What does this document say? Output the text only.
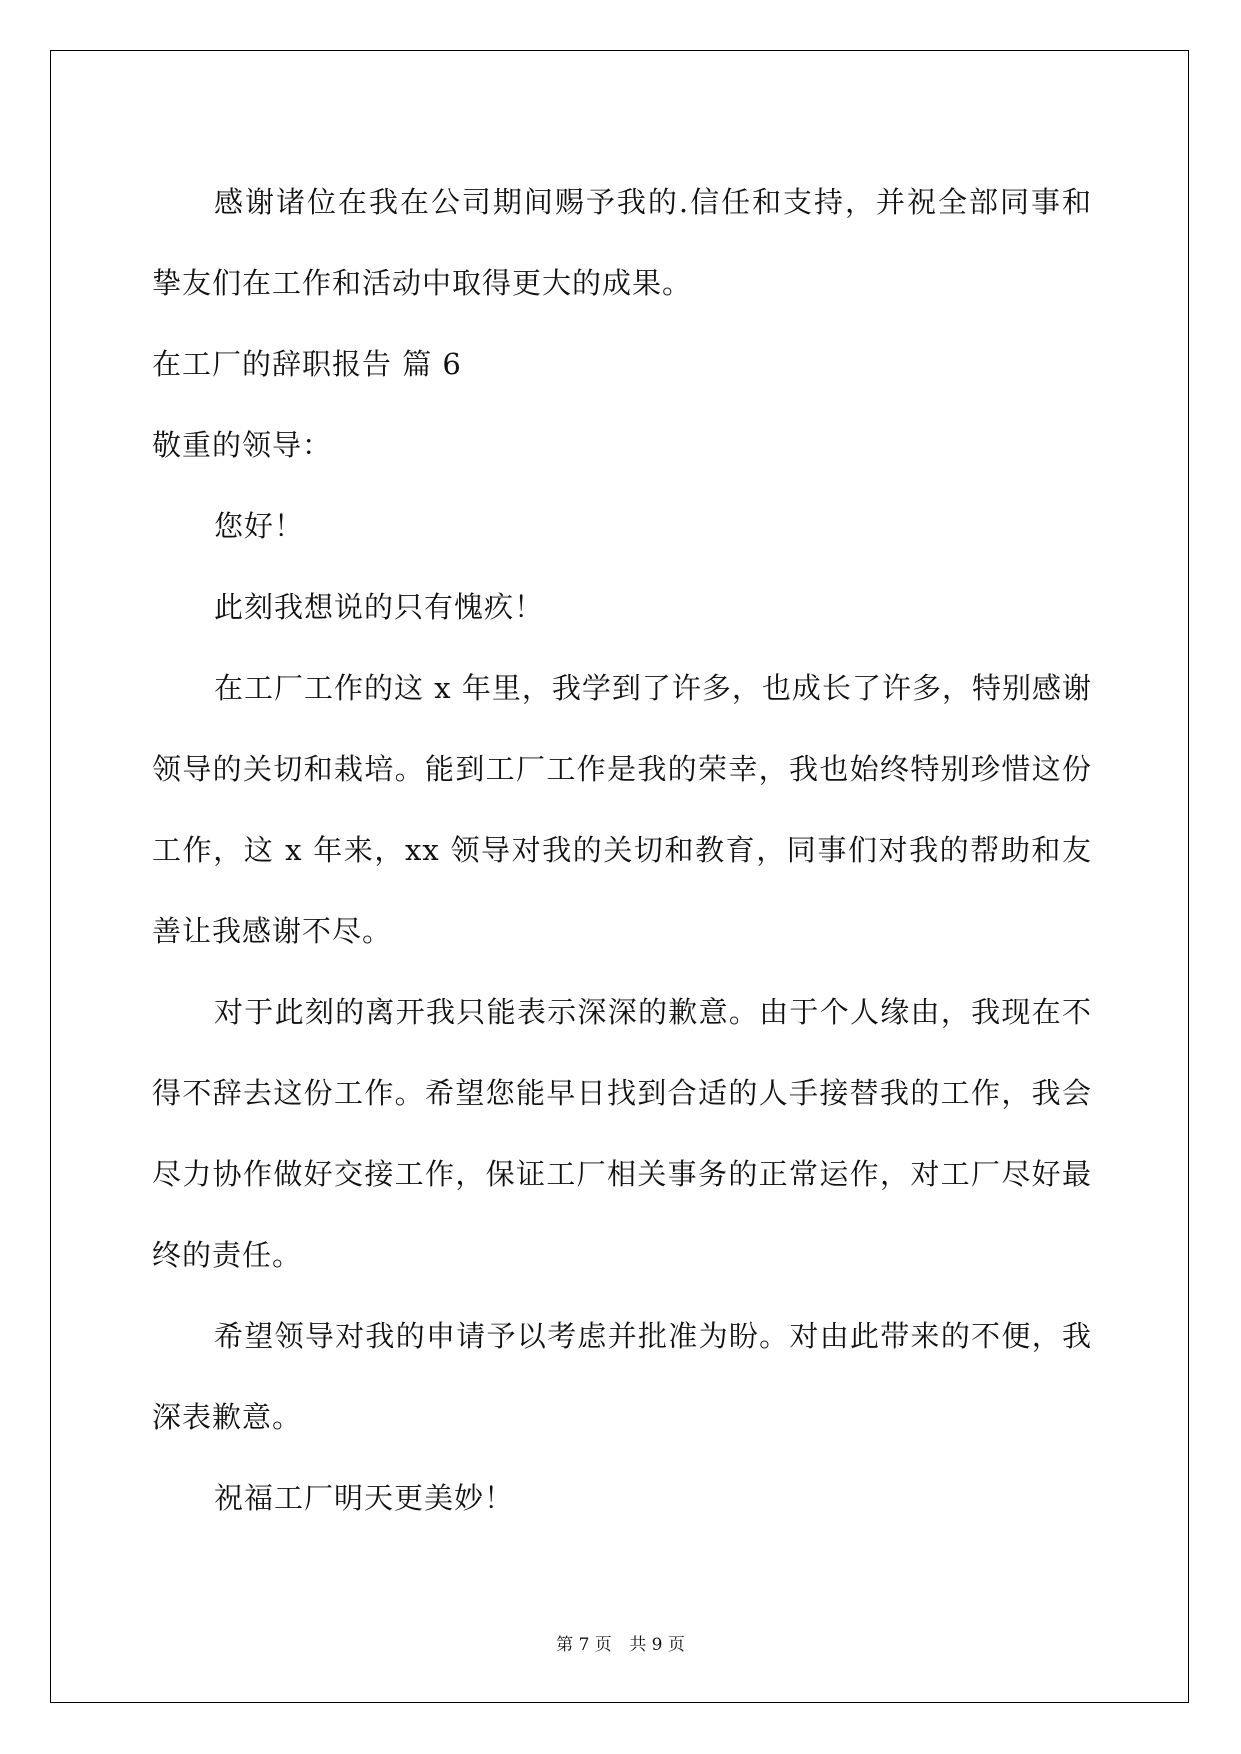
感谢诸位在我在公司期间赐予我的.信任和支持，并祝全部同事和挚友们在工作和活动中取得更大的成果。

在工厂的辞职报告 篇 6

敬重的领导：

您好！

此刻我想说的只有愧疚！

在工厂工作的这 x 年里，我学到了许多，也成长了许多，特别感谢领导的关切和栽培。能到工厂工作是我的荣幸，我也始终特别珍惜这份工作，这 x 年来，xx 领导对我的关切和教育，同事们对我的帮助和友善让我感谢不尽。

对于此刻的离开我只能表示深深的歉意。由于个人缘由，我现在不得不辞去这份工作。希望您能早日找到合适的人手接替我的工作，我会尽力协作做好交接工作，保证工厂相关事务的正常运作，对工厂尽好最终的责任。

希望领导对我的申请予以考虑并批准为盼。对由此带来的不便，我深表歉意。

祝福工厂明天更美妙！

第 7 页 共 9 页
